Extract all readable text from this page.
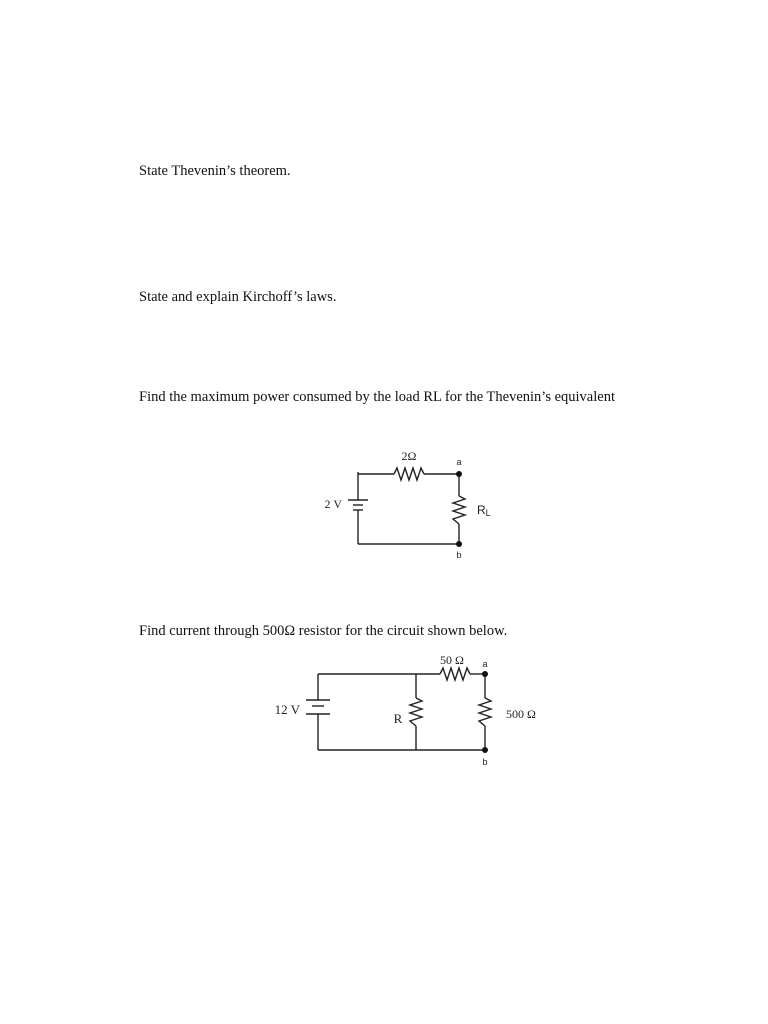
State Thevenin’s theorem.

State and explain Kirchoff’s laws.

Find the maximum power consumed by the load RL for the Thevenin’s equivalent

Find current through 500Ω resistor for the circuit shown below.

2Ω
2 V
a
b
RL
50 Ω
12 V
R	500 Ω
a
b
